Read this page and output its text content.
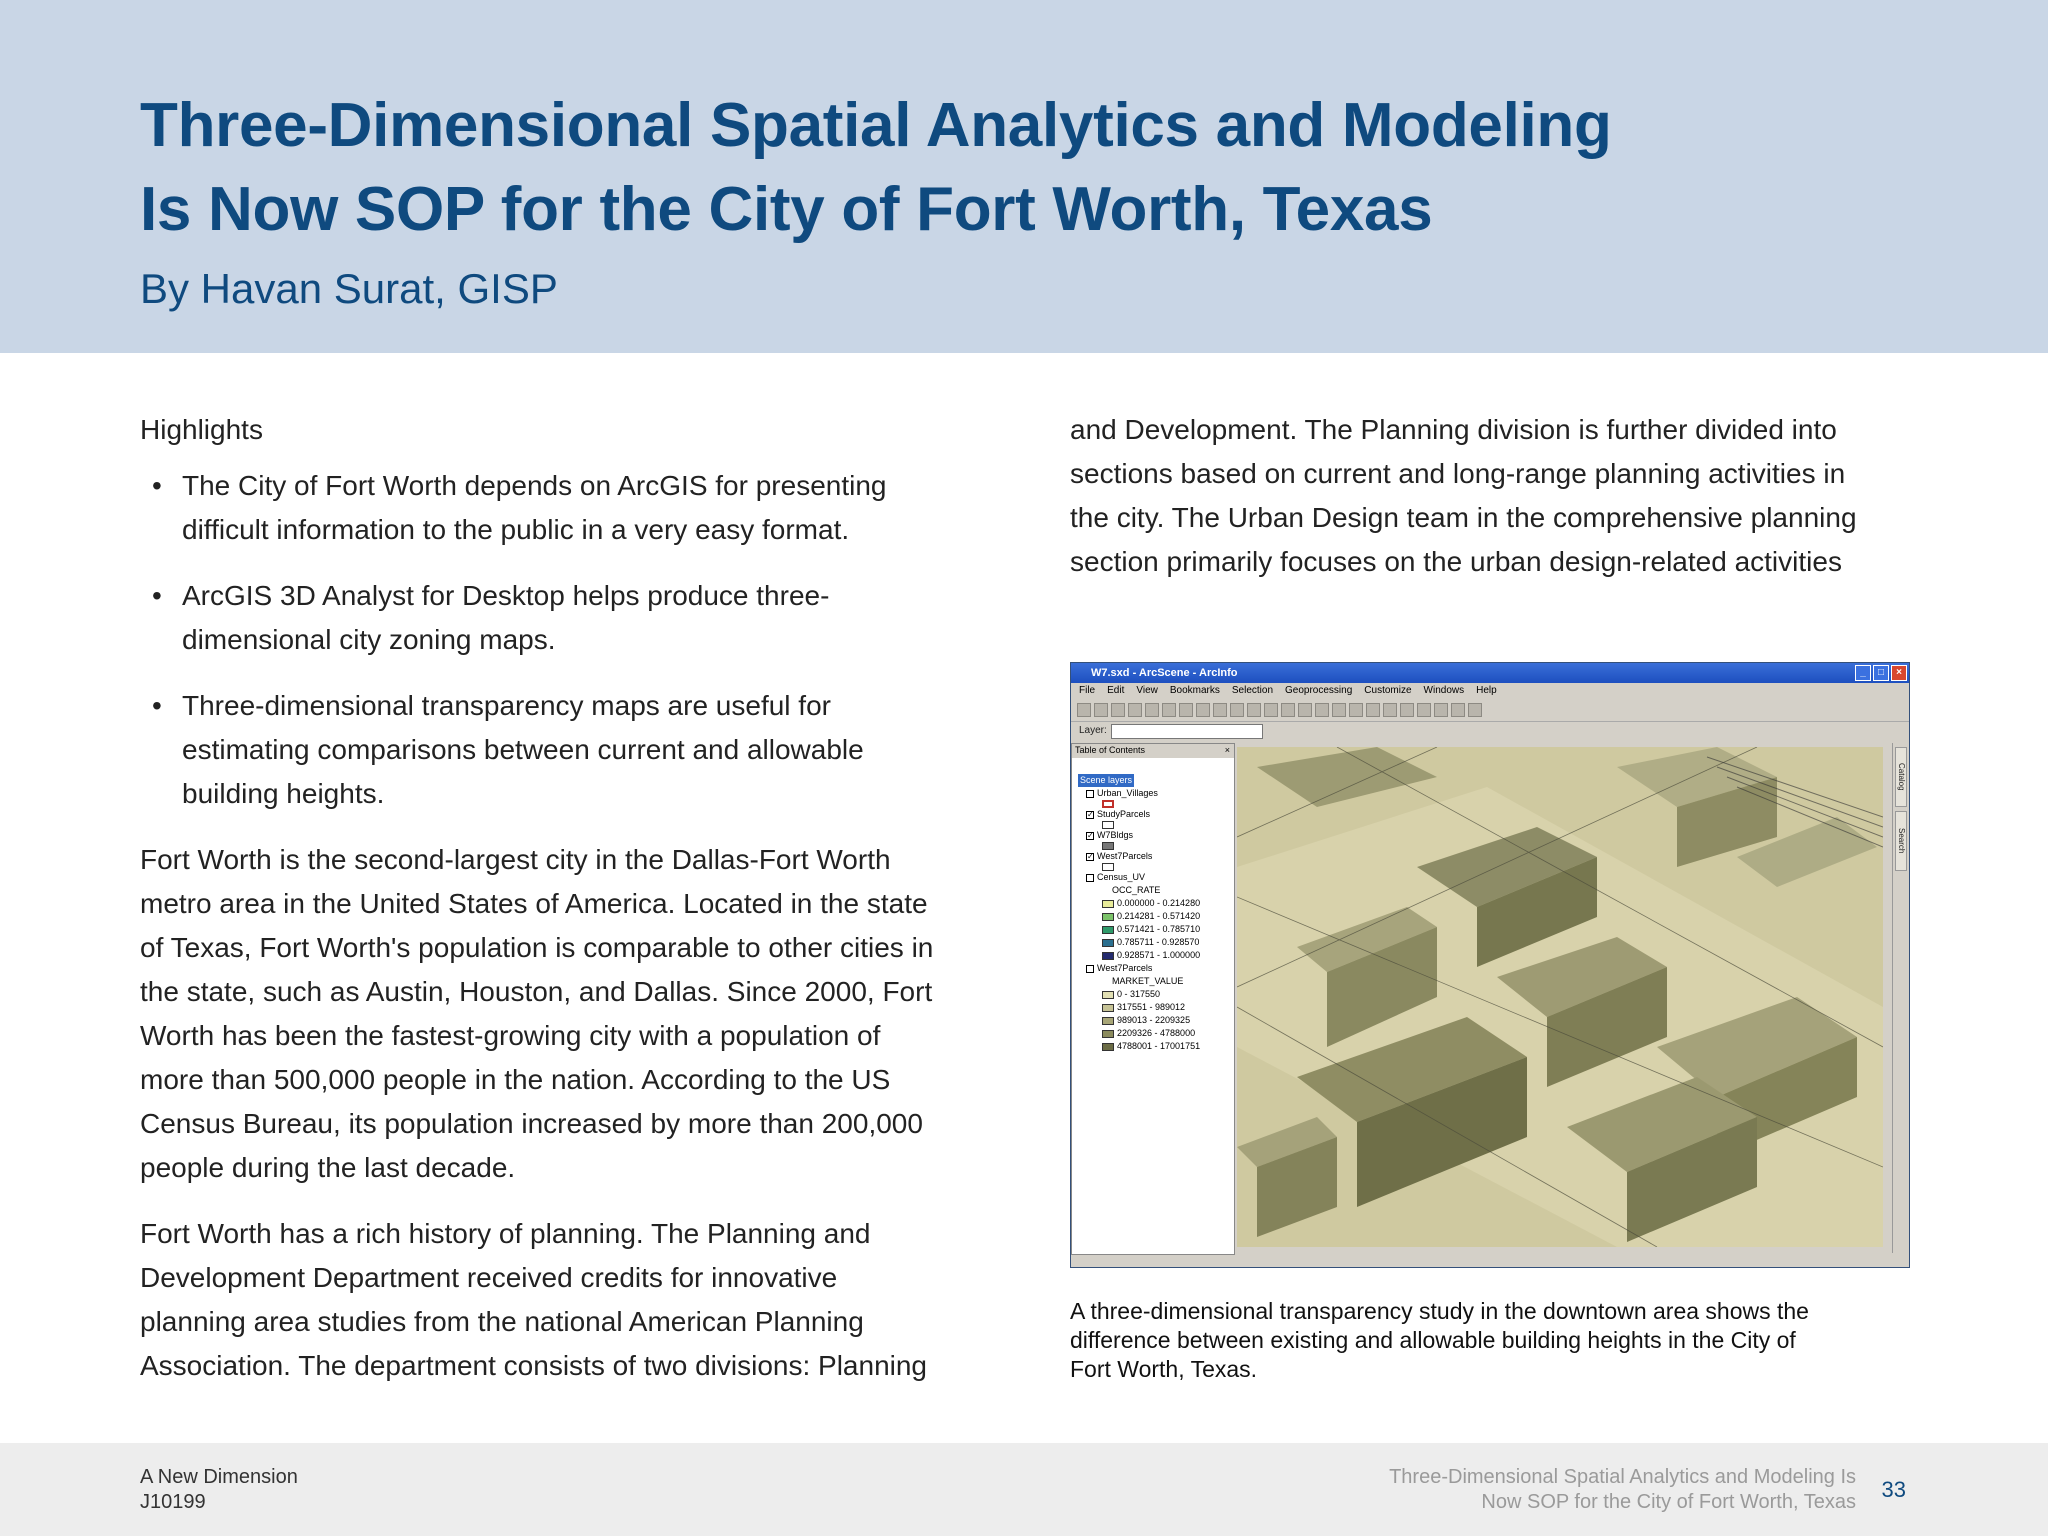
Three-Dimensional Spatial Analytics and Modeling
Is Now SOP for the City of Fort Worth, Texas
By Havan Surat, GISP
Highlights
• The City of Fort Worth depends on ArcGIS for presenting
difficult information to the public in a very easy format.
• ArcGIS 3D Analyst for Desktop helps produce three-
dimensional city zoning maps.
• Three-dimensional transparency maps are useful for
estimating comparisons between current and allowable
building heights.

Fort Worth is the second-largest city in the Dallas-Fort Worth
metro area in the United States of America. Located in the state
of Texas, Fort Worth's population is comparable to other cities in
the state, such as Austin, Houston, and Dallas. Since 2000, Fort
Worth has been the fastest-growing city with a population of
more than 500,000 people in the nation. According to the US
Census Bureau, its population increased by more than 200,000
people during the last decade.

Fort Worth has a rich history of planning. The Planning and
Development Department received credits for innovative
planning area studies from the national American Planning
Association. The department consists of two divisions: Planning

and Development. The Planning division is further divided into
sections based on current and long-range planning activities in
the city. The Urban Design team in the comprehensive planning
section primarily focuses on the urban design-related activities

W7.sxd - ArcScene - ArcInfo	_	□	×
File Edit View Bookmarks Selection Geoprocessing Customize Windows Help
Layer:
Table of Contents	×
Scene layers
Urban_Villages
✓ StudyParcels
✓ W7Bldgs
✓ West7Parcels
Census_UV
OCC_RATE
0.000000 - 0.214280
0.214281 - 0.571420
0.571421 - 0.785710
0.785711 - 0.928570
0.928571 - 1.000000
West7Parcels
MARKET_VALUE
0 - 317550
317551 - 989012
989013 - 2209325
2209326 - 4788000
4788001 - 17001751
Catalog
Search
A three-dimensional transparency study in the downtown area shows the
difference between existing and allowable building heights in the City of
Fort Worth, Texas.
A New Dimension
J10199
Three-Dimensional Spatial Analytics and Modeling Is
Now SOP for the City of Fort Worth, Texas 33
